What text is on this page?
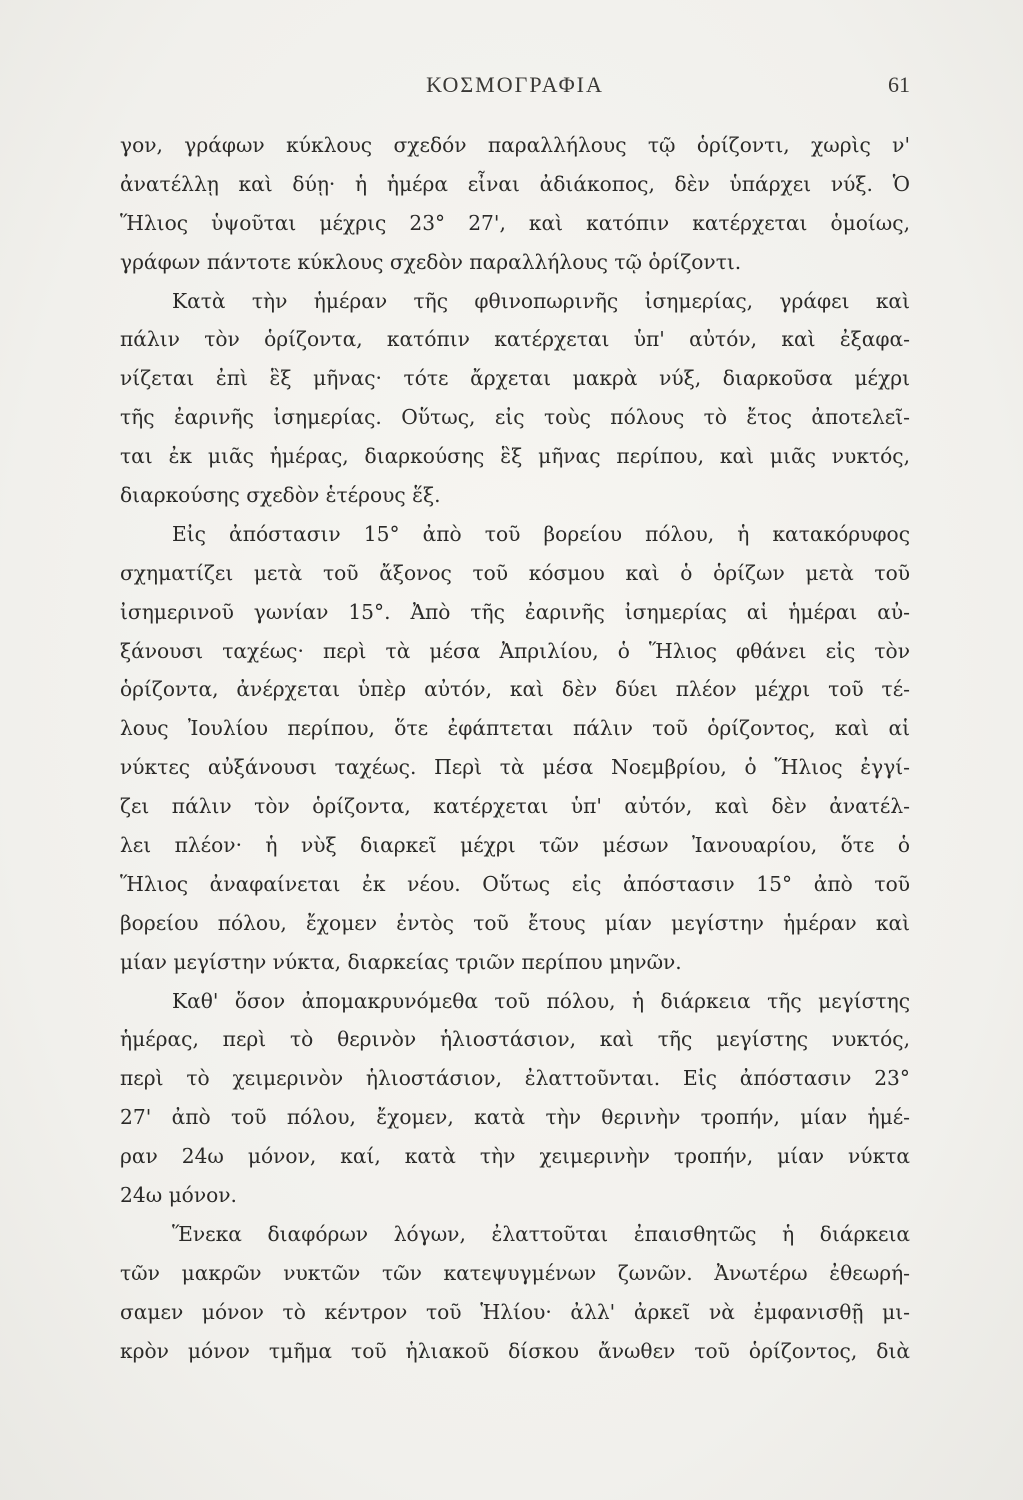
ΚΟΣΜΟΓΡΑΦΙΑ	61
γον, γράφων κύκλους σχεδόν παραλλήλους τῷ ὁρίζοντι, χωρὶς ν'
ἀνατέλλῃ καὶ δύῃ· ἡ ἡμέρα εἶναι ἀδιάκοπος, δὲν ὑπάρχει νύξ. Ὁ
Ἥλιος ὑψοῦται μέχρις 23° 27', καὶ κατόπιν κατέρχεται ὁμοίως,
γράφων πάντοτε κύκλους σχεδὸν παραλλήλους τῷ ὁρίζοντι.
Κατὰ τὴν ἡμέραν τῆς φθινοπωρινῆς ἰσημερίας, γράφει καὶ
πάλιν τὸν ὁρίζοντα, κατόπιν κατέρχεται ὑπ' αὐτόν, καὶ ἐξαφα-
νίζεται ἐπὶ ἓξ μῆνας· τότε ἄρχεται μακρὰ νύξ, διαρκοῦσα μέχρι
τῆς ἐαρινῆς ἰσημερίας. Οὕτως, εἰς τοὺς πόλους τὸ ἔτος ἀποτελεῖ-
ται ἐκ μιᾶς ἡμέρας, διαρκούσης ἓξ μῆνας περίπου, καὶ μιᾶς νυκτός,
διαρκούσης σχεδὸν ἑτέρους ἕξ.
Εἰς ἀπόστασιν 15° ἀπὸ τοῦ βορείου πόλου, ἡ κατακόρυφος
σχηματίζει μετὰ τοῦ ἄξονος τοῦ κόσμου καὶ ὁ ὁρίζων μετὰ τοῦ
ἰσημερινοῦ γωνίαν 15°. Ἀπὸ τῆς ἐαρινῆς ἰσημερίας αἱ ἡμέραι αὐ-
ξάνουσι ταχέως· περὶ τὰ μέσα Ἀπριλίου, ὁ Ἥλιος φθάνει εἰς τὸν
ὁρίζοντα, ἀνέρχεται ὑπὲρ αὐτόν, καὶ δὲν δύει πλέον μέχρι τοῦ τέ-
λους Ἰουλίου περίπου, ὅτε ἐφάπτεται πάλιν τοῦ ὁρίζοντος, καὶ αἱ
νύκτες αὐξάνουσι ταχέως. Περὶ τὰ μέσα Νοεμβρίου, ὁ Ἥλιος ἐγγί-
ζει πάλιν τὸν ὁρίζοντα, κατέρχεται ὑπ' αὐτόν, καὶ δὲν ἀνατέλ-
λει πλέον· ἡ νὺξ διαρκεῖ μέχρι τῶν μέσων Ἰανουαρίου, ὅτε ὁ
Ἥλιος ἀναφαίνεται ἐκ νέου. Οὕτως εἰς ἀπόστασιν 15° ἀπὸ τοῦ
βορείου πόλου, ἔχομεν ἐντὸς τοῦ ἔτους μίαν μεγίστην ἡμέραν καὶ
μίαν μεγίστην νύκτα, διαρκείας τριῶν περίπου μηνῶν.
Καθ' ὅσον ἀπομακρυνόμεθα τοῦ πόλου, ἡ διάρκεια τῆς μεγίστης
ἡμέρας, περὶ τὸ θερινὸν ἡλιοστάσιον, καὶ τῆς μεγίστης νυκτός,
περὶ τὸ χειμερινὸν ἡλιοστάσιον, ἐλαττοῦνται. Εἰς ἀπόστασιν 23°
27' ἀπὸ τοῦ πόλου, ἔχομεν, κατὰ τὴν θερινὴν τροπήν, μίαν ἡμέ-
ραν 24ω μόνον, καί, κατὰ τὴν χειμερινὴν τροπήν, μίαν νύκτα
24ω μόνον.
Ἕνεκα διαφόρων λόγων, ἐλαττοῦται ἐπαισθητῶς ἡ διάρκεια
τῶν μακρῶν νυκτῶν τῶν κατεψυγμένων ζωνῶν. Ἀνωτέρω ἐθεωρή-
σαμεν μόνον τὸ κέντρον τοῦ Ἡλίου· ἀλλ' ἀρκεῖ νὰ ἐμφανισθῇ μι-
κρὸν μόνον τμῆμα τοῦ ἡλιακοῦ δίσκου ἄνωθεν τοῦ ὁρίζοντος, διὰ
